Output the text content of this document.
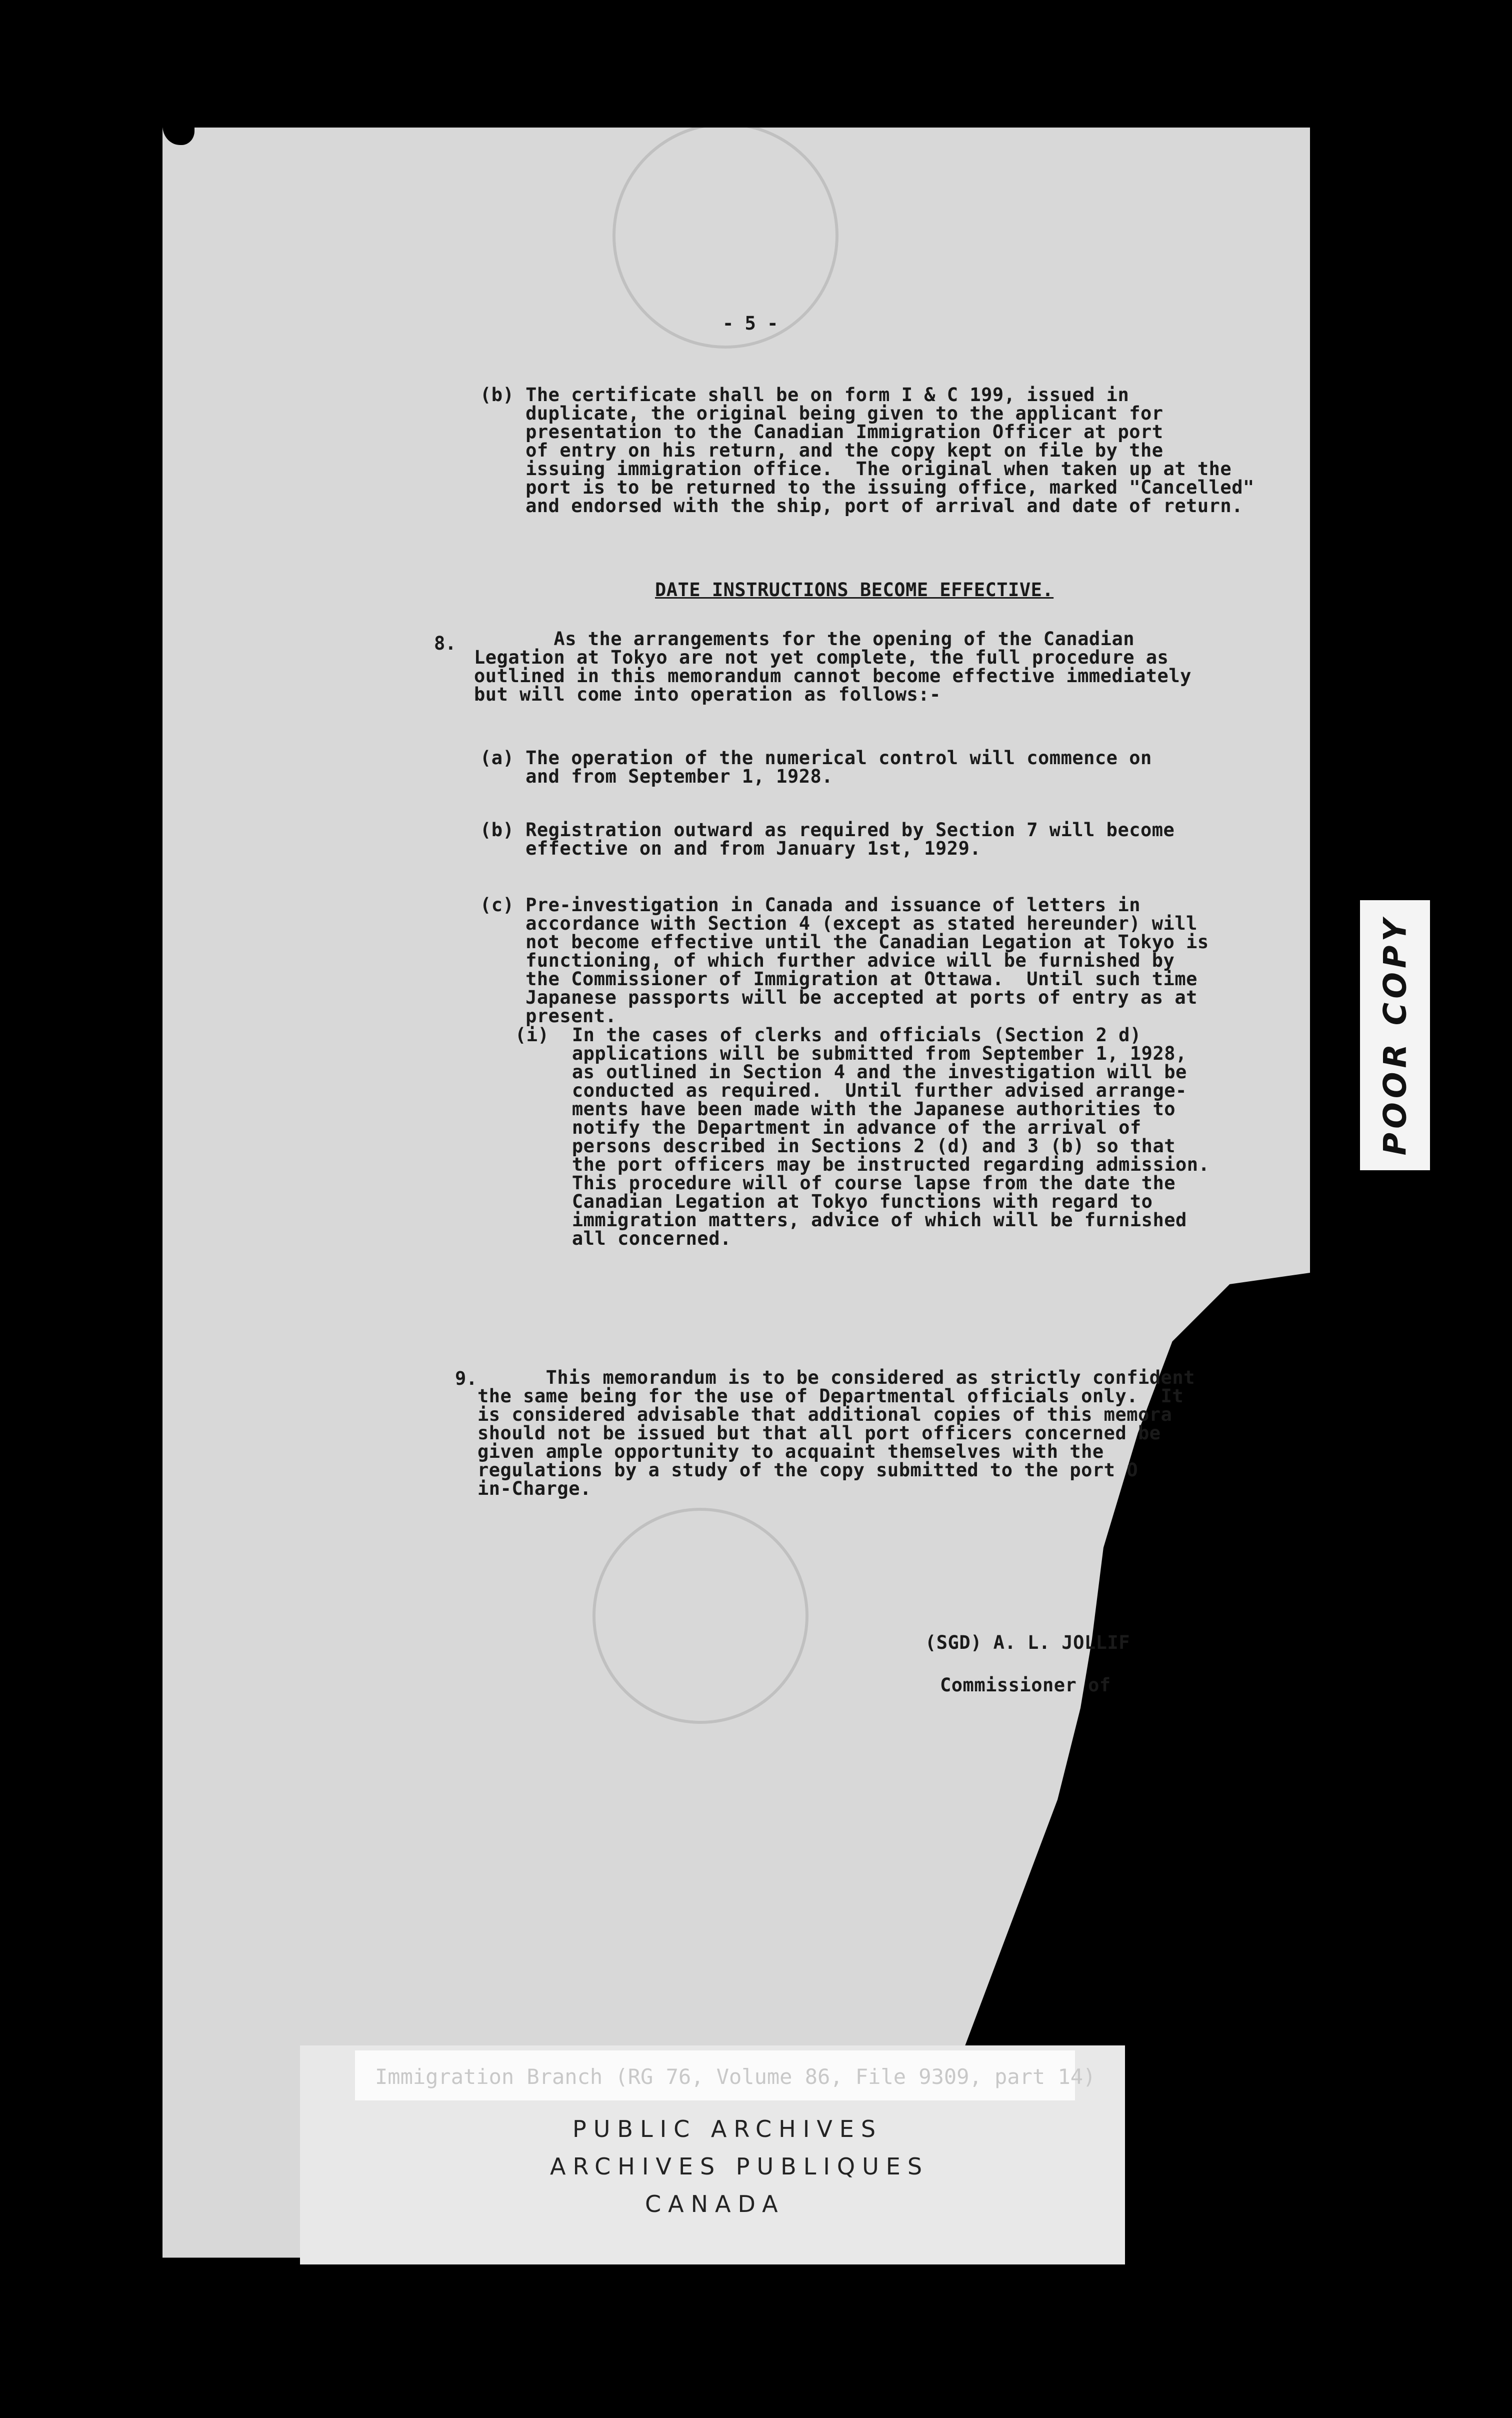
- 5 -
(b) The certificate shall be on form I & C 199, issued in
duplicate, the original being given to the applicant for
presentation to the Canadian Immigration Officer at port
of entry on his return, and the copy kept on file by the
issuing immigration office.  The original when taken up at the
port is to be returned to the issuing office, marked "Cancelled"
and endorsed with the ship, port of arrival and date of return.
DATE INSTRUCTIONS BECOME EFFECTIVE.
8. As the arrangements for the opening of the Canadian
Legation at Tokyo are not yet complete, the full procedure as
outlined in this memorandum cannot become effective immediately
but will come into operation as follows:-
(a) The operation of the numerical control will commence on
and from September 1, 1928.
(b) Registration outward as required by Section 7 will become
effective on and from January 1st, 1929.
(c) Pre-investigation in Canada and issuance of letters in
accordance with Section 4 (except as stated hereunder) will
not become effective until the Canadian Legation at Tokyo is
functioning, of which further advice will be furnished by
the Commissioner of Immigration at Ottawa.  Until such time
Japanese passports will be accepted at ports of entry as at
present.
(i)  In the cases of clerks and officials (Section 2 d)
applications will be submitted from September 1, 1928,
as outlined in Section 4 and the investigation will be
conducted as required.  Until further advised arrange-
ments have been made with the Japanese authorities to
notify the Department in advance of the arrival of
persons described in Sections 2 (d) and 3 (b) so that
the port officers may be instructed regarding admission.
This procedure will of course lapse from the date the
Canadian Legation at Tokyo functions with regard to
immigration matters, advice of which will be furnished
all concerned.
9. This memorandum is to be considered as strictly confident
the same being for the use of Departmental officials only.  It
is considered advisable that additional copies of this memora
should not be issued but that all port officers concerned be
given ample opportunity to acquaint themselves with the
regulations by a study of the copy submitted to the port O
in-Charge.
(SGD) A. L. JOLLIF
Commissioner of
POOR COPY
Immigration Branch (RG 76, Volume 86, File 9309, part 14)
PUBLIC ARCHIVES
ARCHIVES PUBLIQUES
CANADA
